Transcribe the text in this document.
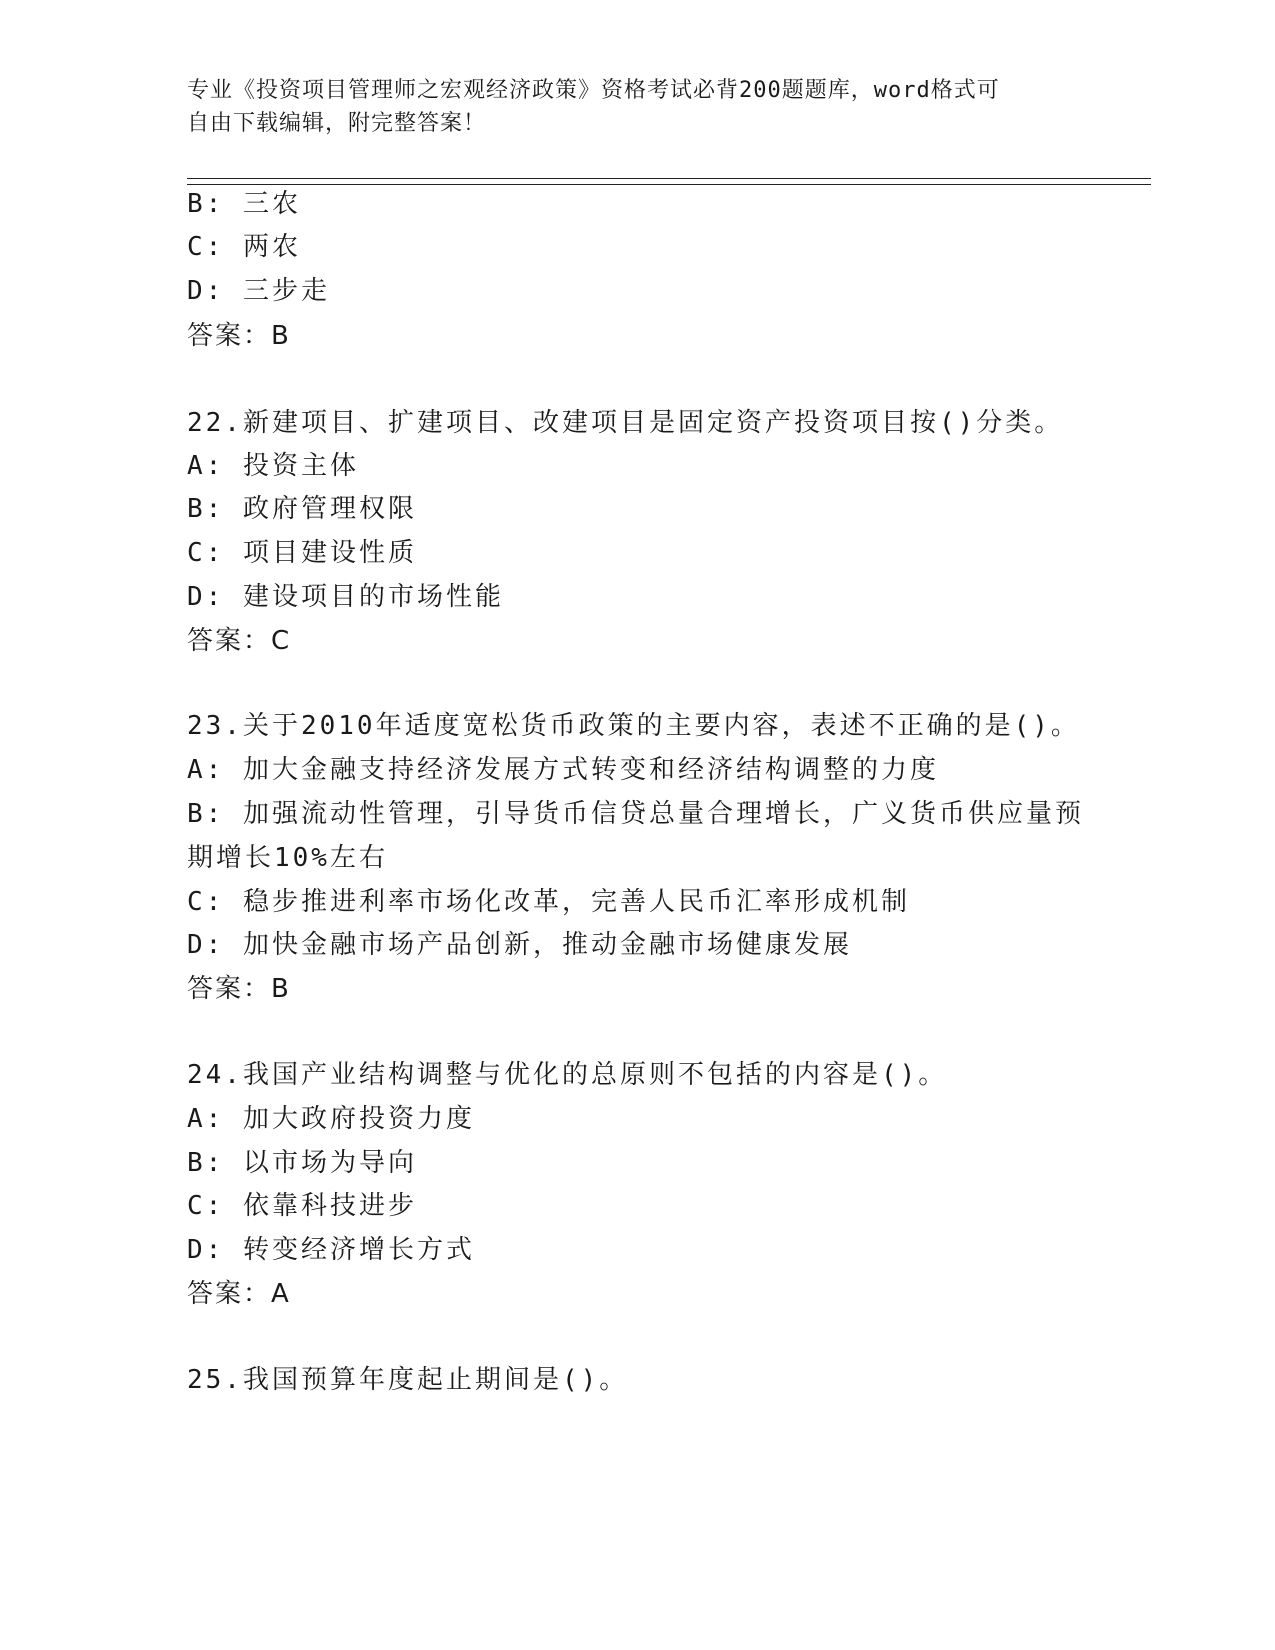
专业《投资项目管理师之宏观经济政策》资格考试必背200题题库，word格式可
自由下载编辑，附完整答案！
B: 三农
C: 两农
D: 三步走
答案：B
22.新建项目、扩建项目、改建项目是固定资产投资项目按()分类。
A: 投资主体
B: 政府管理权限
C: 项目建设性质
D: 建设项目的市场性能
答案：C
23.关于2010年适度宽松货币政策的主要内容，表述不正确的是()。
A: 加大金融支持经济发展方式转变和经济结构调整的力度
B: 加强流动性管理，引导货币信贷总量合理增长，广义货币供应量预
期增长10%左右
C: 稳步推进利率市场化改革，完善人民币汇率形成机制
D: 加快金融市场产品创新，推动金融市场健康发展
答案：B
24.我国产业结构调整与优化的总原则不包括的内容是()。
A: 加大政府投资力度
B: 以市场为导向
C: 依靠科技进步
D: 转变经济增长方式
答案：A
25.我国预算年度起止期间是()。
